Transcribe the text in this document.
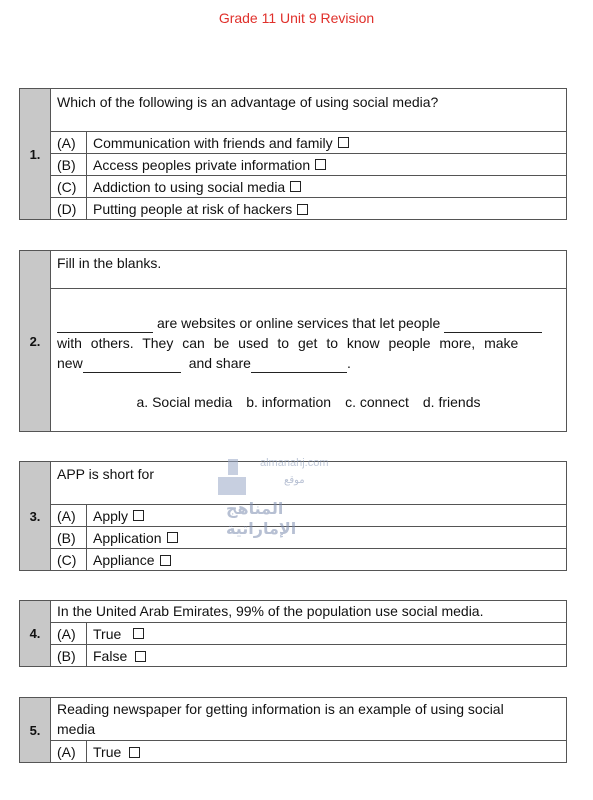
Grade 11 Unit 9 Revision
1.
Which of the following is an advantage of using social media?
(A)	Communication with friends and family
(B)	Access peoples private information
(C)	Addiction to using social media
(D)	Putting people at risk of hackers
2.
Fill in the blanks.
are websites or online services that let people
with others. They can be used to get to know people more, make
new	and share	.
a. Social media b. information c. connect d. friends
3.
APP is short for
(A)	Apply
(B)	Application
(C)	Appliance
almanahj.com
موقع
المناهج الإماراتية
4.
In the United Arab Emirates, 99% of the population use social media.
(A)	True
(B)	False
5.
Reading newspaper for getting information is an example of using social
media
(A)	True
